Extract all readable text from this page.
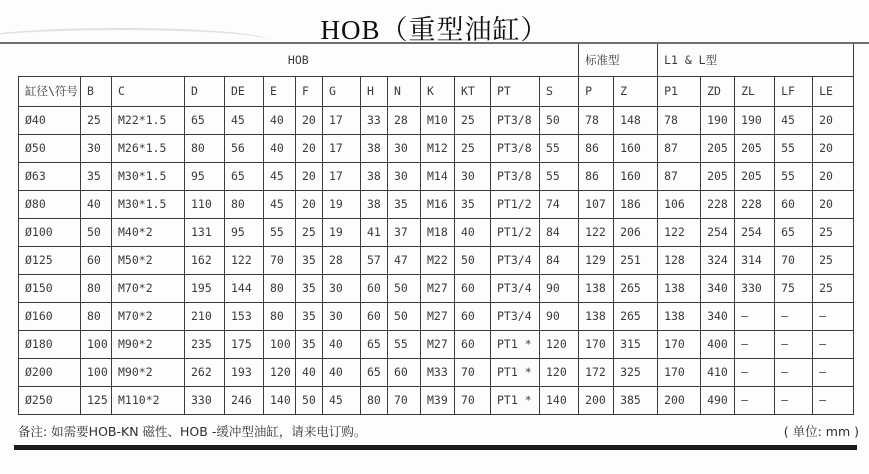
HOB（重型油缸）
HOB														标准型		L1 & L型				
缸径\符号	B	C	D	DE	E	F	G	H	N	K	KT	PT	S	P	Z	P1	ZD	ZL	LF	LE
Ø40	25	M22*1.5	65	45	40	20	17	33	28	M10	25	PT3/8	50	78	148	78	190	190	45	20
Ø50	30	M26*1.5	80	56	40	20	17	38	30	M12	25	PT3/8	55	86	160	87	205	205	55	20
Ø63	35	M30*1.5	95	65	45	20	17	38	30	M14	30	PT3/8	55	86	160	87	205	205	55	20
Ø80	40	M30*1.5	110	80	45	20	19	38	35	M16	35	PT1/2	74	107	186	106	228	228	60	20
Ø100	50	M40*2	131	95	55	25	19	41	37	M18	40	PT1/2	84	122	206	122	254	254	65	25
Ø125	60	M50*2	162	122	70	35	28	57	47	M22	50	PT3/4	84	129	251	128	324	314	70	25
Ø150	80	M70*2	195	144	80	35	30	60	50	M27	60	PT3/4	90	138	265	138	340	330	75	25
Ø160	80	M70*2	210	153	80	35	30	60	50	M27	60	PT3/4	90	138	265	138	340	–	–	–
Ø180	100	M90*2	235	175	100	35	40	65	55	M27	60	PT1 *	120	170	315	170	400	–	–	–
Ø200	100	M90*2	262	193	120	40	40	65	60	M33	70	PT1 *	120	172	325	170	410	–	–	–
Ø250	125	M110*2	330	246	140	50	45	80	70	M39	70	PT1 *	140	200	385	200	490	–	–	–
备注: 如需要HOB-KN 磁性、HOB -缓冲型油缸，请来电订购。	( 单位: mm )
